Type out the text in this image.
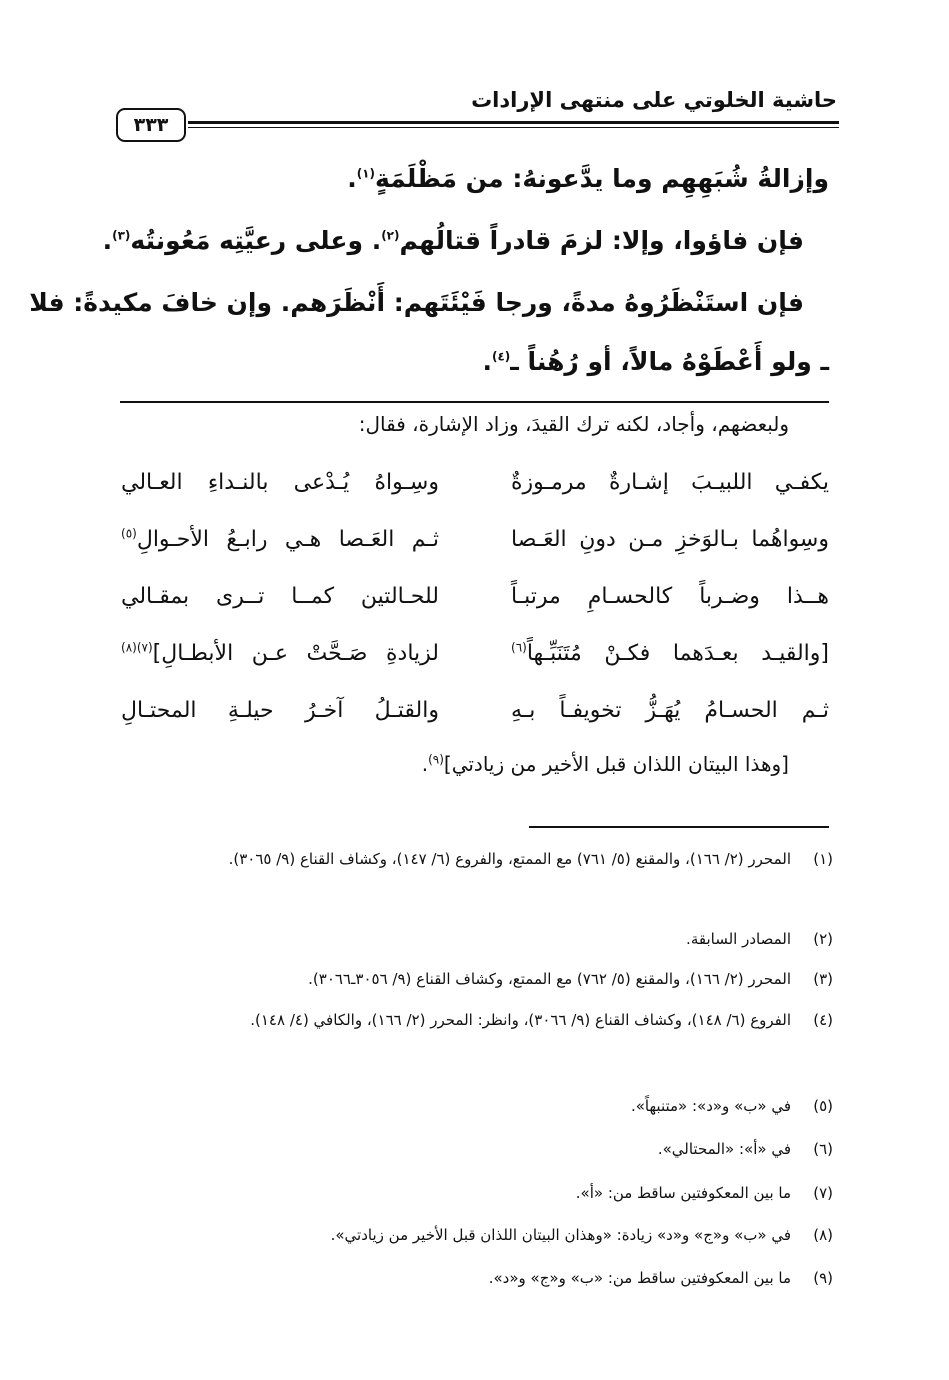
حاشية الخلوتي على منتهى الإرادات
٣٣٣
وإزالةُ شُبَهِهِم وما يدَّعونهُ: من مَظْلَمَةٍ$^{(١)}$.
فإن فاؤوا، وإلا: لزمَ قادراً قتالُهم$^{(٢)}$. وعلى رعيَّتِه مَعُونتُه$^{(٣)}$.
فإن استَنْظَرُوهُ مدةً، ورجا فَيْئَتَهم: أَنْظَرَهم. وإن خافَ مكيدةً: فلا
ـ ولو أَعْطَوْهُ مالاً، أو رُهُناً ـ$^{(٤)}$.
ولبعضهم، وأجاد، لكنه ترك القيدَ، وزاد الإشارة، فقال:
يكفـي اللبيـبَ إشـارةٌ مرمـوزةٌ
وسِـواهُ يُـدْعى بالنـداءِ العـالي
وسِواهُما بـالوَخزِ مـن دونِ العَـصا
ثـم العَـصا هـي رابـعُ الأحـوالِ$^{(٥)}$
هــذا وضـرباً كالحسـامِ مرتبـاً
للحـالتين كمــا تــرى بمقـالي
[والقيـد بعـدَهما فكـنْ مُتَنَبِّـهاً$^{(٦)}$
لزيادةِ صَـحَّتْ عـن الأبطـالِ]$^{(٧)(٨)}$
ثـم الحسـامُ يُهَـزُّ تخويفـاً بـهِ
والقتـلُ آخـرُ حيلـةِ المحتـالِ
[وهذا البيتان اللذان قبل الأخير من زيادتي]$^{(٩)}$.
(١)المحرر (٢/ ١٦٦)، والمقنع (٥/ ٧٦١) مع الممتع، والفروع (٦/ ١٤٧)، وكشاف القناع (٩/ ٣٠٦٥).
(٢)المصادر السابقة.
(٣)المحرر (٢/ ١٦٦)، والمقنع (٥/ ٧٦٢) مع الممتع، وكشاف القناع (٩/ ٣٠٥٦ـ٣٠٦٦).
(٤)الفروع (٦/ ١٤٨)، وكشاف القناع (٩/ ٣٠٦٦)، وانظر: المحرر (٢/ ١٦٦)، والكافي (٤/ ١٤٨).
(٥)في «ب» و«د»: «متنبهاً».
(٦)في «أ»: «المحتالي».
(٧)ما بين المعكوفتين ساقط من: «أ».
(٨)في «ب» و«ج» و«د» زيادة: «وهذان البيتان اللذان قبل الأخير من زيادتي».
(٩)ما بين المعكوفتين ساقط من: «ب» و«ج» و«د».
